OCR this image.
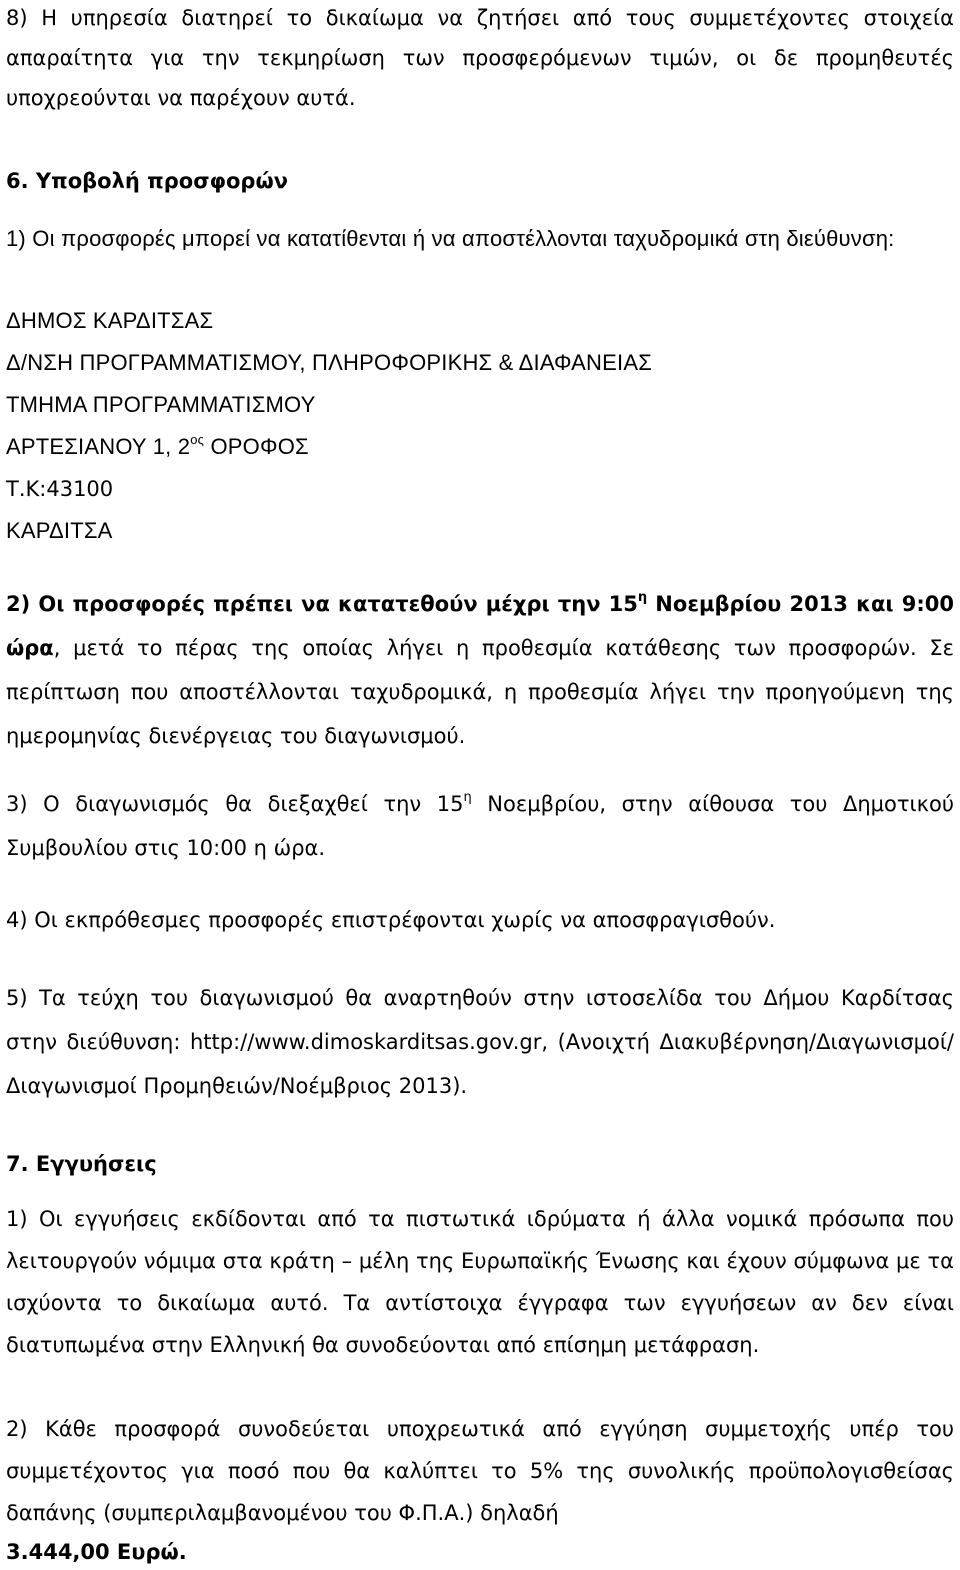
8) Η υπηρεσία διατηρεί το δικαίωμα να ζητήσει από τους συμμετέχοντες στοιχεία απαραίτητα για την τεκμηρίωση των προσφερόμενων τιμών, οι δε προμηθευτές υποχρεούνται να παρέχουν αυτά.

6. Υποβολή προσφορών

1) Οι προσφορές μπορεί να κατατίθενται ή να αποστέλλονται ταχυδρομικά στη διεύθυνση:

ΔΗΜΟΣ ΚΑΡΔΙΤΣΑΣ
Δ/ΝΣΗ ΠΡΟΓΡΑΜΜΑΤΙΣΜΟΥ, ΠΛΗΡΟΦΟΡΙΚΗΣ & ΔΙΑΦΑΝΕΙΑΣ
ΤΜΗΜΑ ΠΡΟΓΡΑΜΜΑΤΙΣΜΟΥ
ΑΡΤΕΣΙΑΝΟΥ 1, $2^{o\varsigma}$ ΟΡΟΦΟΣ
Τ.Κ:43100
ΚΑΡΔΙΤΣΑ

2) Οι προσφορές πρέπει να κατατεθούν μέχρι την $15^\eta$ Νοεμβρίου 2013 και 9:00 ώρα, μετά το πέρας της οποίας λήγει η προθεσμία κατάθεσης των προσφορών. Σε περίπτωση που αποστέλλονται ταχυδρομικά, η προθεσμία λήγει την προηγούμενη της ημερομηνίας διενέργειας του διαγωνισμού.

3) Ο διαγωνισμός θα διεξαχθεί την $15^\eta$ Νοεμβρίου, στην αίθουσα του Δημοτικού Συμβουλίου στις 10:00 η ώρα.

4) Οι εκπρόθεσμες προσφορές επιστρέφονται χωρίς να αποσφραγισθούν.

5) Τα τεύχη του διαγωνισμού θα αναρτηθούν στην ιστοσελίδα του Δήμου Καρδίτσας στην διεύθυνση: http://www.dimoskarditsas.gov.gr, (Ανοιχτή Διακυβέρνηση/Διαγωνισμοί/Διαγωνισμοί Προμηθειών/Νοέμβριος 2013).

7. Εγγυήσεις

1) Οι εγγυήσεις εκδίδονται από τα πιστωτικά ιδρύματα ή άλλα νομικά πρόσωπα που λειτουργούν νόμιμα στα κράτη – μέλη της Ευρωπαϊκής Ένωσης και έχουν σύμφωνα με τα ισχύοντα το δικαίωμα αυτό. Τα αντίστοιχα έγγραφα των εγγυήσεων αν δεν είναι διατυπωμένα στην Ελληνική θα συνοδεύονται από επίσημη μετάφραση.

2) Κάθε προσφορά συνοδεύεται υποχρεωτικά από εγγύηση συμμετοχής υπέρ του συμμετέχοντος για ποσό που θα καλύπτει το 5% της συνολικής προϋπολογισθείσας δαπάνης (συμπεριλαμβανομένου του Φ.Π.Α.) δηλαδή
3.444,00 Ευρώ.
